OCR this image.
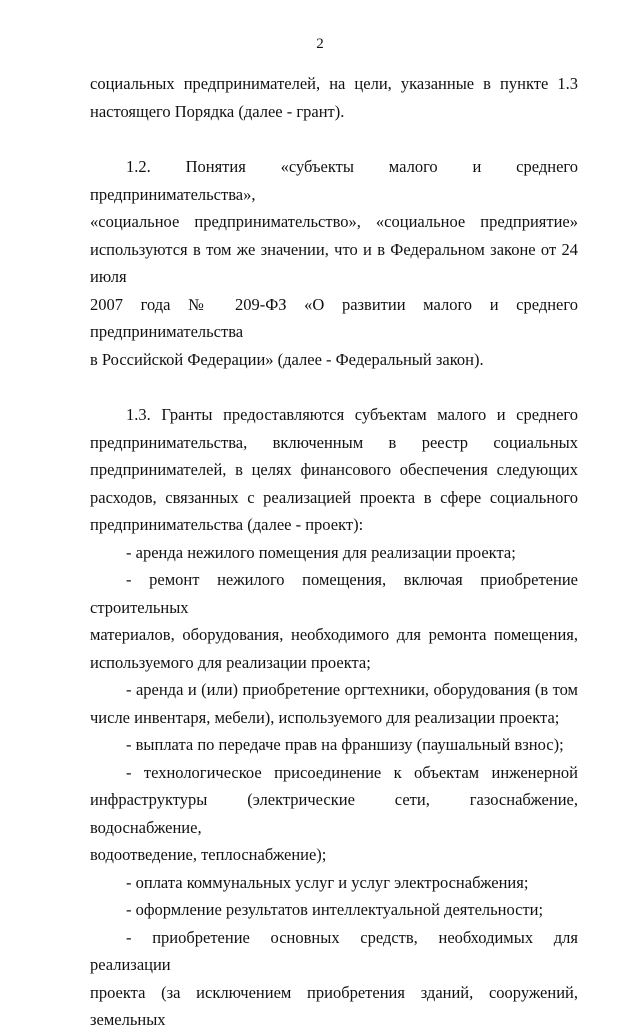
2
социальных предпринимателей, на цели, указанные в пункте 1.3
настоящего Порядка (далее - грант).
1.2. Понятия «субъекты малого и среднего предпринимательства»,
«социальное предпринимательство», «социальное предприятие»
используются в том же значении, что и в Федеральном законе от 24 июля
2007 года № 209-ФЗ «О развитии малого и среднего предпринимательства
в Российской Федерации» (далее - Федеральный закон).
1.3. Гранты предоставляются субъектам малого и среднего
предпринимательства, включенным в реестр социальных
предпринимателей, в целях финансового обеспечения следующих
расходов, связанных с реализацией проекта в сфере социального
предпринимательства (далее - проект):
- аренда нежилого помещения для реализации проекта;
- ремонт нежилого помещения, включая приобретение строительных
материалов, оборудования, необходимого для ремонта помещения,
используемого для реализации проекта;
- аренда и (или) приобретение оргтехники, оборудования (в том
числе инвентаря, мебели), используемого для реализации проекта;
- выплата по передаче прав на франшизу (паушальный взнос);
- технологическое присоединение к объектам инженерной
инфраструктуры (электрические сети, газоснабжение, водоснабжение,
водоотведение, теплоснабжение);
- оплата коммунальных услуг и услуг электроснабжения;
- оформление результатов интеллектуальной деятельности;
- приобретение основных средств, необходимых для реализации
проекта (за исключением приобретения зданий, сооружений, земельных
